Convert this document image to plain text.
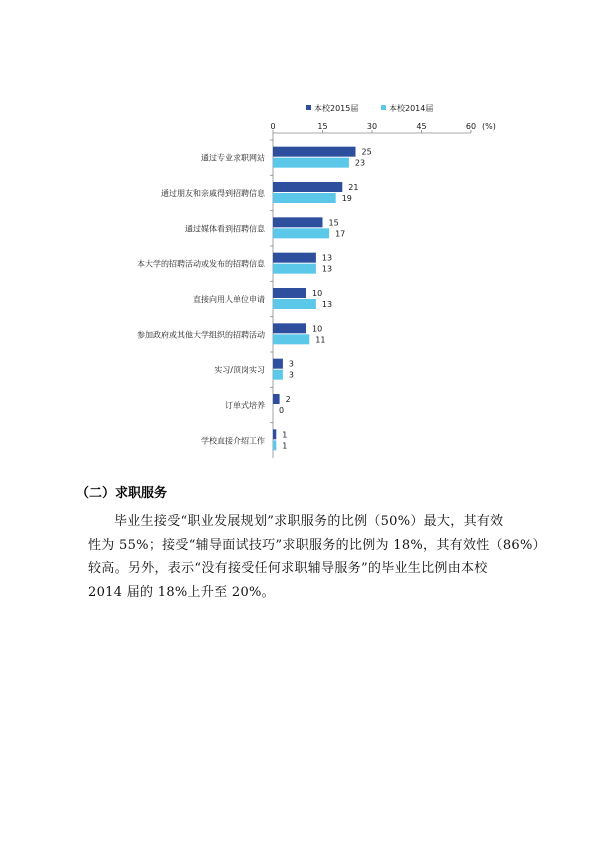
本校2015届	本校2014届
0	15	30	45	60 (%)
通过专业求职网站
25
23
通过朋友和亲戚得到招聘信息
21
19
通过媒体看到招聘信息
15
17
本大学的招聘活动或发布的招聘信息
13
13
直接向用人单位申请
10
13
参加政府或其他大学组织的招聘活动
10
11
实习/顶岗实习
3
3
订单式培养
2
0
学校直接介绍工作
1
1
（二）求职服务

毕业生接受“职业发展规划”求职服务的比例（50%）最大，其有效
性为 55%；接受“辅导面试技巧”求职服务的比例为 18%，其有效性（86%）
较高。另外，表示“没有接受任何求职辅导服务”的毕业生比例由本校
2014 届的 18%上升至 20%。
